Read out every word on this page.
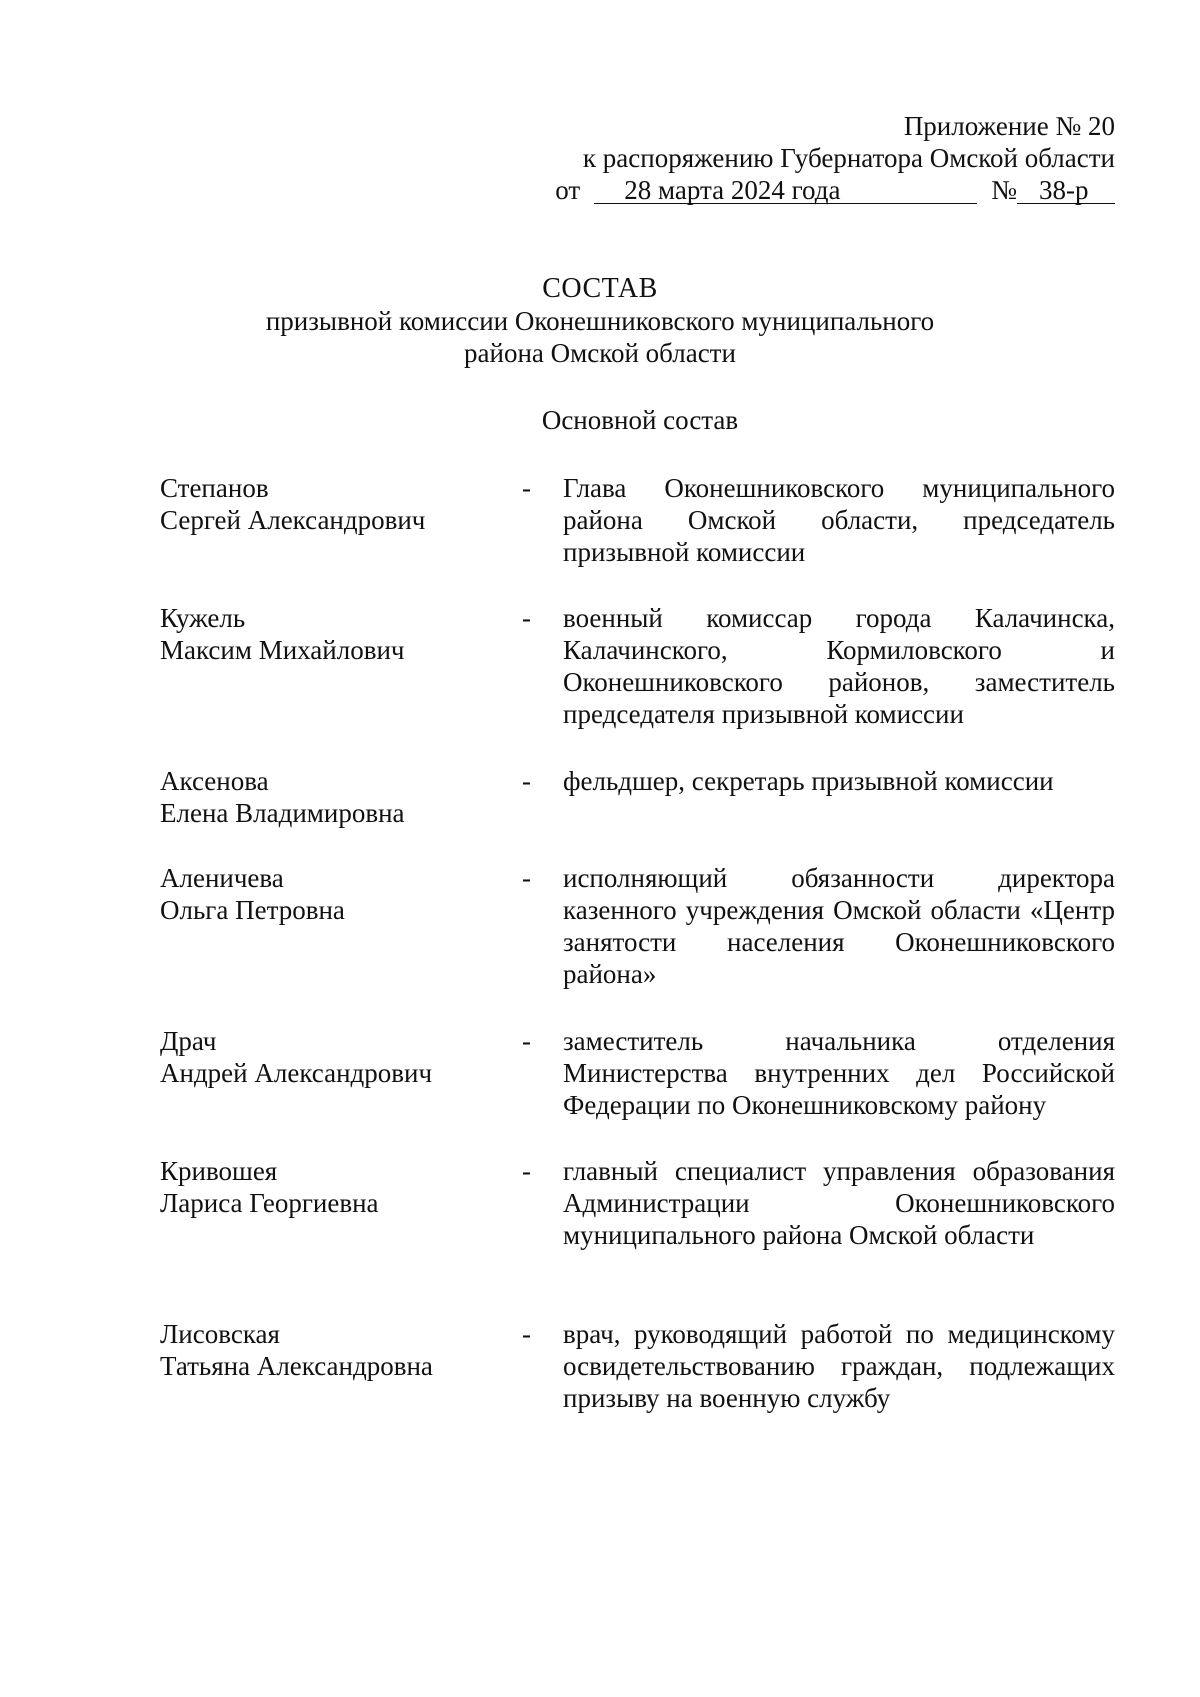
Приложение № 20
к распоряжению Губернатора Омской области
от	28 марта 2024 года	№ 38-р
СОСТАВ
призывной комиссии Оконешниковского муниципального
района Омской области
Основной состав
Степанов
Сергей Александрович
- Глава Оконешниковского муниципального района Омской области, председатель призывной комиссии
Кужель
Максим Михайлович
- военный комиссар города Калачинска, Калачинского, Кормиловского и Оконешниковского районов, заместитель председателя призывной комиссии
Аксенова
Елена Владимировна
- фельдшер, секретарь призывной комиссии
Аленичева
Ольга Петровна
- исполняющий обязанности директора казенного учреждения Омской области «Центр занятости населения Оконешниковского района»
Драч
Андрей Александрович
- заместитель начальника отделения Министерства внутренних дел Российской Федерации по Оконешниковскому району
Кривошея
Лариса Георгиевна
- главный специалист управления образования Администрации Оконешниковского муниципального района Омской области
Лисовская
Татьяна Александровна
- врач, руководящий работой по медицинскому освидетельствованию граждан, подлежащих призыву на военную службу
